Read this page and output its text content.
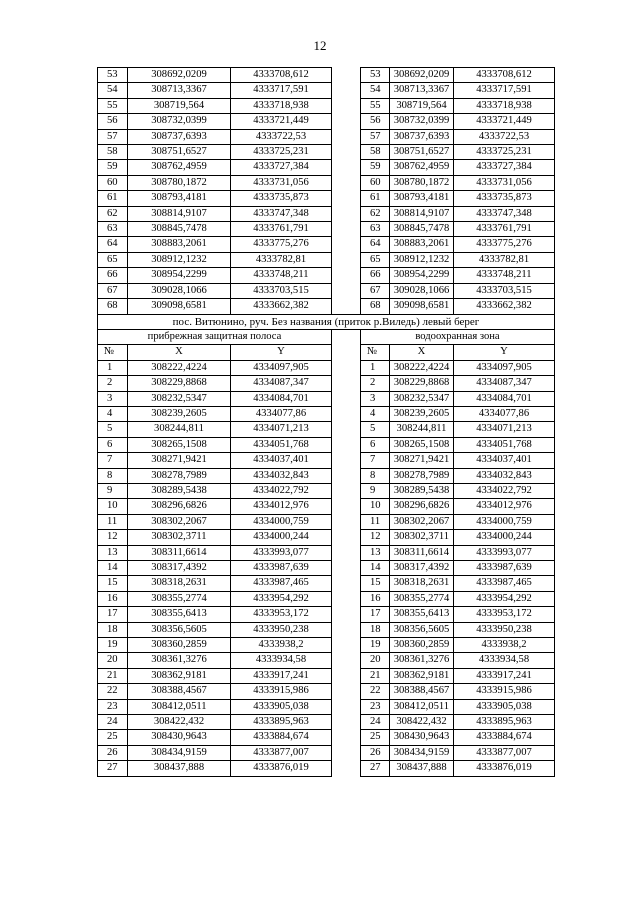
12
53	308692,0209	4333708,612		53	308692,0209	4333708,612
54	308713,3367	4333717,591		54	308713,3367	4333717,591
55	308719,564	4333718,938		55	308719,564	4333718,938
56	308732,0399	4333721,449		56	308732,0399	4333721,449
57	308737,6393	4333722,53		57	308737,6393	4333722,53
58	308751,6527	4333725,231		58	308751,6527	4333725,231
59	308762,4959	4333727,384		59	308762,4959	4333727,384
60	308780,1872	4333731,056		60	308780,1872	4333731,056
61	308793,4181	4333735,873		61	308793,4181	4333735,873
62	308814,9107	4333747,348		62	308814,9107	4333747,348
63	308845,7478	4333761,791		63	308845,7478	4333761,791
64	308883,2061	4333775,276		64	308883,2061	4333775,276
65	308912,1232	4333782,81		65	308912,1232	4333782,81
66	308954,2299	4333748,211		66	308954,2299	4333748,211
67	309028,1066	4333703,515		67	309028,1066	4333703,515
68	309098,6581	4333662,382		68	309098,6581	4333662,382
пос. Витюнино, руч. Без названия (приток р.Виледь) левый берег						
прибрежная защитная полоса				водоохранная зона		
№	X	Y		№	X	Y
1	308222,4224	4334097,905		1	308222,4224	4334097,905
2	308229,8868	4334087,347		2	308229,8868	4334087,347
3	308232,5347	4334084,701		3	308232,5347	4334084,701
4	308239,2605	4334077,86		4	308239,2605	4334077,86
5	308244,811	4334071,213		5	308244,811	4334071,213
6	308265,1508	4334051,768		6	308265,1508	4334051,768
7	308271,9421	4334037,401		7	308271,9421	4334037,401
8	308278,7989	4334032,843		8	308278,7989	4334032,843
9	308289,5438	4334022,792		9	308289,5438	4334022,792
10	308296,6826	4334012,976		10	308296,6826	4334012,976
11	308302,2067	4334000,759		11	308302,2067	4334000,759
12	308302,3711	4334000,244		12	308302,3711	4334000,244
13	308311,6614	4333993,077		13	308311,6614	4333993,077
14	308317,4392	4333987,639		14	308317,4392	4333987,639
15	308318,2631	4333987,465		15	308318,2631	4333987,465
16	308355,2774	4333954,292		16	308355,2774	4333954,292
17	308355,6413	4333953,172		17	308355,6413	4333953,172
18	308356,5605	4333950,238		18	308356,5605	4333950,238
19	308360,2859	4333938,2		19	308360,2859	4333938,2
20	308361,3276	4333934,58		20	308361,3276	4333934,58
21	308362,9181	4333917,241		21	308362,9181	4333917,241
22	308388,4567	4333915,986		22	308388,4567	4333915,986
23	308412,0511	4333905,038		23	308412,0511	4333905,038
24	308422,432	4333895,963		24	308422,432	4333895,963
25	308430,9643	4333884,674		25	308430,9643	4333884,674
26	308434,9159	4333877,007		26	308434,9159	4333877,007
27	308437,888	4333876,019		27	308437,888	4333876,019
